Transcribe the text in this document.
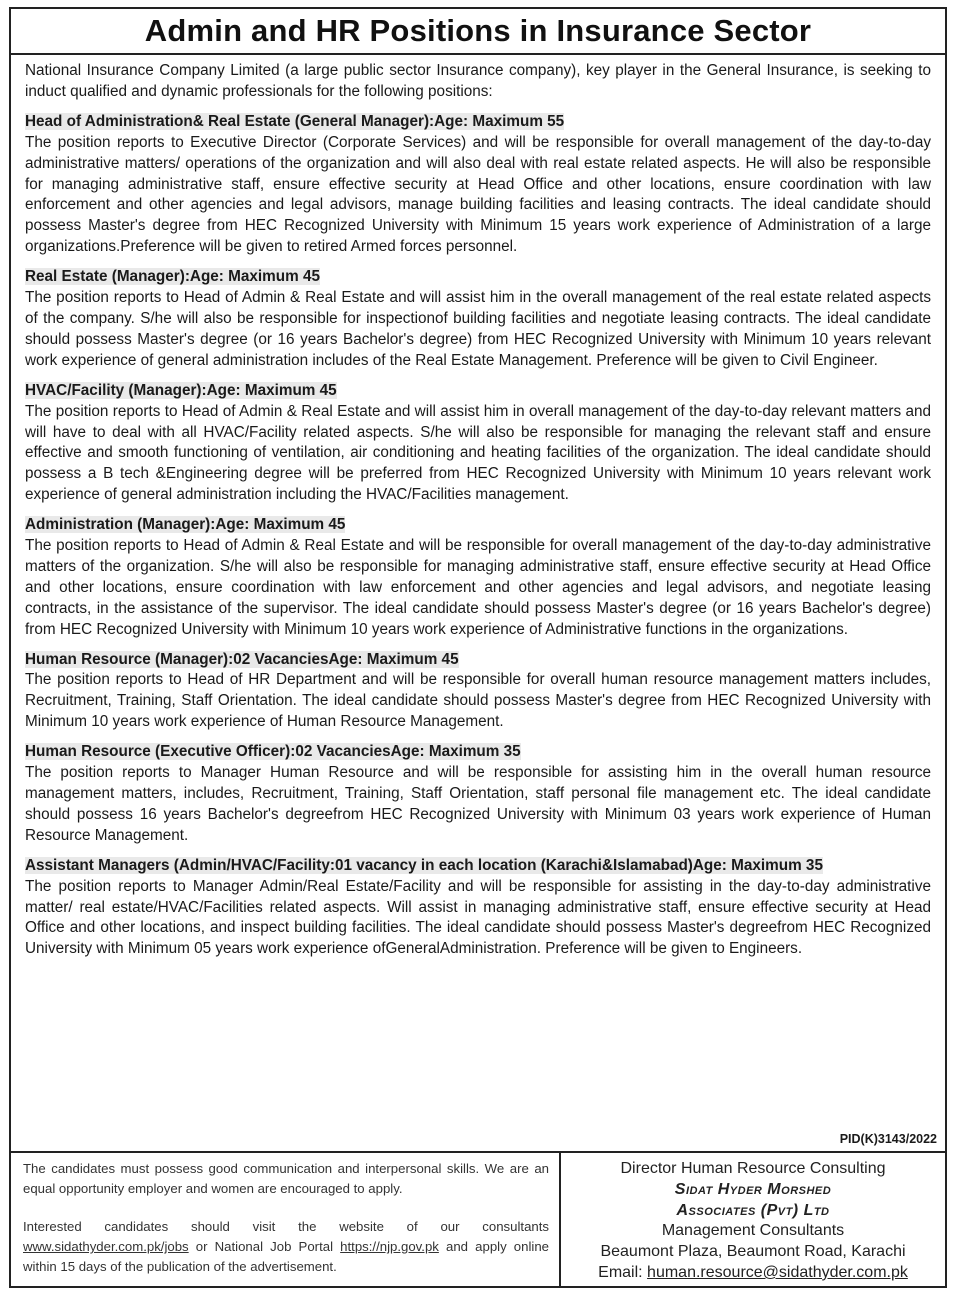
Admin and HR Positions in Insurance Sector

National Insurance Company Limited (a large public sector Insurance company), key player in the General Insurance, is seeking to induct qualified and dynamic professionals for the following positions:

Head of Administration& Real Estate (General Manager):Age: Maximum 55

The position reports to Executive Director (Corporate Services) and will be responsible for overall management of the day-to-day administrative matters/ operations of the organization and will also deal with real estate related aspects. He will also be responsible for managing administrative staff, ensure effective security at Head Office and other locations, ensure coordination with law enforcement and other agencies and legal advisors, manage building facilities and leasing contracts. The ideal candidate should possess Master's degree from HEC Recognized University with Minimum 15 years work experience of Administration of a large organizations.Preference will be given to retired Armed forces personnel.

Real Estate (Manager):Age: Maximum 45

The position reports to Head of Admin & Real Estate and will assist him in the overall management of the real estate related aspects of the company. S/he will also be responsible for inspectionof building facilities and negotiate leasing contracts. The ideal candidate should possess Master's degree (or 16 years Bachelor's degree) from HEC Recognized University with Minimum 10 years relevant work experience of general administration includes of the Real Estate Management. Preference will be given to Civil Engineer.

HVAC/Facility (Manager):Age: Maximum 45

The position reports to Head of Admin & Real Estate and will assist him in overall management of the day-to-day relevant matters and will have to deal with all HVAC/Facility related aspects. S/he will also be responsible for managing the relevant staff and ensure effective and smooth functioning of ventilation, air conditioning and heating facilities of the organization. The ideal candidate should possess a B tech &Engineering degree will be preferred from HEC Recognized University with Minimum 10 years relevant work experience of general administration including the HVAC/Facilities management.

Administration (Manager):Age: Maximum 45

The position reports to Head of Admin & Real Estate and will be responsible for overall management of the day-to-day administrative matters of the organization. S/he will also be responsible for managing administrative staff, ensure effective security at Head Office and other locations, ensure coordination with law enforcement and other agencies and legal advisors, and negotiate leasing contracts, in the assistance of the supervisor. The ideal candidate should possess Master's degree (or 16 years Bachelor's degree) from HEC Recognized University with Minimum 10 years work experience of Administrative functions in the organizations.

Human Resource (Manager):02 VacanciesAge: Maximum 45

The position reports to Head of HR Department and will be responsible for overall human resource management matters includes, Recruitment, Training, Staff Orientation. The ideal candidate should possess Master's degree from HEC Recognized University with Minimum 10 years work experience of Human Resource Management.

Human Resource (Executive Officer):02 VacanciesAge: Maximum 35

The position reports to Manager Human Resource and will be responsible for assisting him in the overall human resource management matters, includes, Recruitment, Training, Staff Orientation, staff personal file management etc. The ideal candidate should possess 16 years Bachelor's degreefrom HEC Recognized University with Minimum 03 years work experience of Human Resource Management.

Assistant Managers (Admin/HVAC/Facility:01 vacancy in each location (Karachi&Islamabad)Age: Maximum 35

The position reports to Manager Admin/Real Estate/Facility and will be responsible for assisting in the day-to-day administrative matter/ real estate/HVAC/Facilities related aspects. Will assist in managing administrative staff, ensure effective security at Head Office and other locations, and inspect building facilities. The ideal candidate should possess Master's degreefrom HEC Recognized University with Minimum 05 years work experience ofGeneralAdministration. Preference will be given to Engineers.

PID(K)3143/2022

The candidates must possess good communication and interpersonal skills. We are an equal opportunity employer and women are encouraged to apply.

Interested candidates should visit the website of our consultants www.sidathyder.com.pk/jobs or National Job Portal https://njp.gov.pk and apply online within 15 days of the publication of the advertisement.

Director Human Resource Consulting
Sidat Hyder Morshed
Associates (Pvt) Ltd
Management Consultants
Beaumont Plaza, Beaumont Road, Karachi
Email: human.resource@sidathyder.com.pk
